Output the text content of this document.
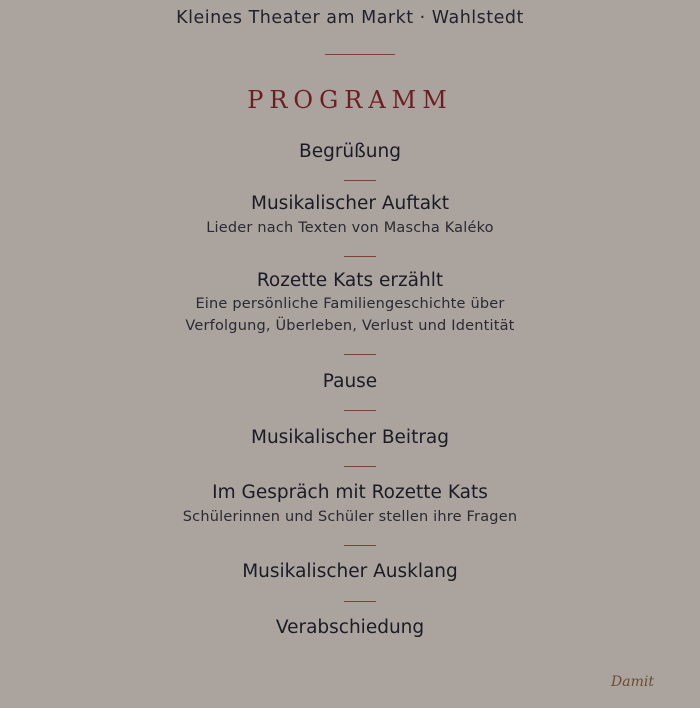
Kleines Theater am Markt · Wahlstedt
PROGRAMM
Begrüßung
Musikalischer Auftakt
Lieder nach Texten von Mascha Kaléko
Rozette Kats erzählt
Eine persönliche Familiengeschichte über
Verfolgung, Überleben, Verlust und Identität
Pause
Musikalischer Beitrag
Im Gespräch mit Rozette Kats
Schülerinnen und Schüler stellen ihre Fragen
Musikalischer Ausklang
Verabschiedung
Damit
